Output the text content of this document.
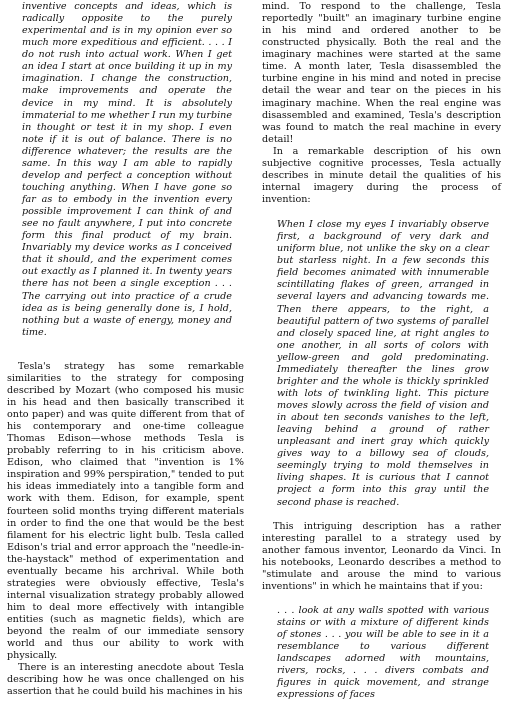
inventive concepts and ideas, which is radically opposite to the purely experimental and is in my opinion ever so much more expeditious and efficient. . . . I do not rush into actual work. When I get an idea I start at once building it up in my imagination. I change the construction, make improvements and operate the device in my mind. It is absolutely immaterial to me whether I run my turbine in thought or test it in my shop. I even note if it is out of balance. There is no difference whatever; the results are the same. In this way I am able to rapidly develop and perfect a conception without touching anything. When I have gone so far as to embody in the invention every possible improvement I can think of and see no fault anywhere, I put into concrete form this final product of my brain. Invariably my device works as I conceived that it should, and the experiment comes out exactly as I planned it. In twenty years there has not been a single exception . . . The carrying out into practice of a crude idea as is being generally done is, I hold, nothing but a waste of energy, money and time.

Tesla's strategy has some remarkable similarities to the strategy for composing described by Mozart (who composed his music in his head and then basically transcribed it onto paper) and was quite different from that of his contemporary and one-time colleague Thomas Edison—whose methods Tesla is probably referring to in his criticism above. Edison, who claimed that "invention is 1% inspiration and 99% perspiration," tended to put his ideas immediately into a tangible form and work with them. Edison, for example, spent fourteen solid months trying different materials in order to find the one that would be the best filament for his electric light bulb. Tesla called Edison's trial and error approach the "needle-in-the-haystack" method of experimentation and eventually became his archrival. While both strategies were obviously effective, Tesla's internal visualization strategy probably allowed him to deal more effectively with intangible entities (such as magnetic fields), which are beyond the realm of our immediate sensory world and thus our ability to work with physically.

There is an interesting anecdote about Tesla describing how he was once challenged on his assertion that he could build his machines in his

mind. To respond to the challenge, Tesla reportedly "built" an imaginary turbine engine in his mind and ordered another to be constructed physically. Both the real and the imaginary machines were started at the same time. A month later, Tesla disassembled the turbine engine in his mind and noted in precise detail the wear and tear on the pieces in his imaginary machine. When the real engine was disassembled and examined, Tesla's description was found to match the real machine in every detail!

In a remarkable description of his own subjective cognitive processes, Tesla actually describes in minute detail the qualities of his internal imagery during the process of invention:

When I close my eyes I invariably observe first, a background of very dark and uniform blue, not unlike the sky on a clear but starless night. In a few seconds this field becomes animated with innumerable scintillating flakes of green, arranged in several layers and advancing towards me. Then there appears, to the right, a beautiful pattern of two systems of parallel and closely spaced line, at right angles to one another, in all sorts of colors with yellow-green and gold predominating. Immediately thereafter the lines grow brighter and the whole is thickly sprinkled with lots of twinkling light. This picture moves slowly across the field of vision and in about ten seconds vanishes to the left, leaving behind a ground of rather unpleasant and inert gray which quickly gives way to a billowy sea of clouds, seemingly trying to mold themselves in living shapes. It is curious that I cannot project a form into this gray until the second phase is reached.

This intriguing description has a rather interesting parallel to a strategy used by another famous inventor, Leonardo da Vinci. In his notebooks, Leonardo describes a method to "stimulate and arouse the mind to various inventions" in which he maintains that if you:

. . . look at any walls spotted with various stains or with a mixture of different kinds of stones . . . you will be able to see in it a resemblance to various different landscapes adorned with mountains, rivers, rocks, . . . divers combats and figures in quick movement, and strange expressions of faces
